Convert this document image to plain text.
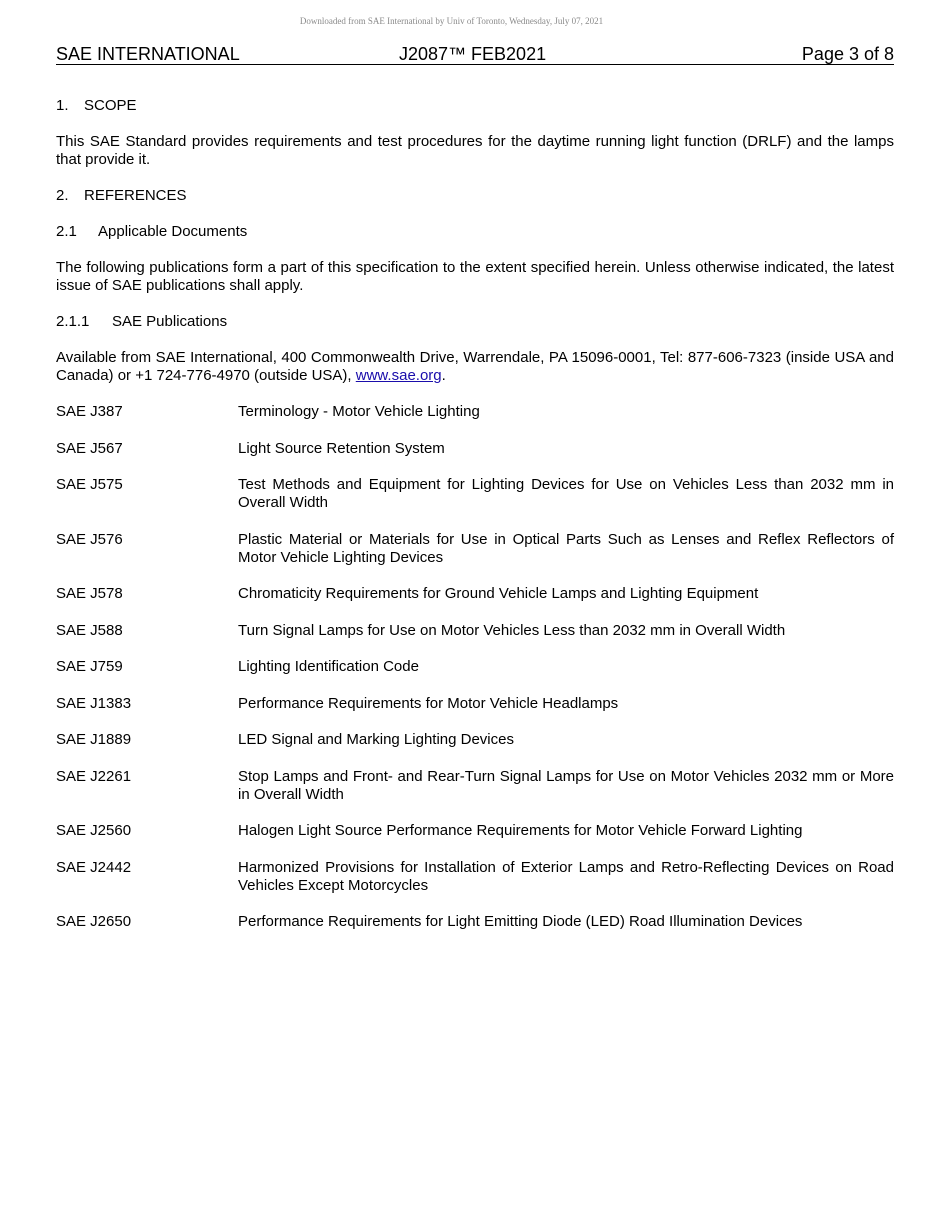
Downloaded from SAE International by Univ of Toronto, Wednesday, July 07, 2021
SAE INTERNATIONAL	J2087™ FEB2021	Page 3 of 8
1. SCOPE

This SAE Standard provides requirements and test procedures for the daytime running light function (DRLF) and the lamps that provide it.

2. REFERENCES
2.1 Applicable Documents

The following publications form a part of this specification to the extent specified herein. Unless otherwise indicated, the latest issue of SAE publications shall apply.

2.1.1 SAE Publications

Available from SAE International, 400 Commonwealth Drive, Warrendale, PA 15096-0001, Tel: 877-606-7323 (inside USA and Canada) or +1 724-776-4970 (outside USA), www.sae.org.

SAE J387	Terminology - Motor Vehicle Lighting
SAE J567	Light Source Retention System
SAE J575	Test Methods and Equipment for Lighting Devices for Use on Vehicles Less than 2032 mm in Overall Width
SAE J576	Plastic Material or Materials for Use in Optical Parts Such as Lenses and Reflex Reflectors of Motor Vehicle Lighting Devices
SAE J578	Chromaticity Requirements for Ground Vehicle Lamps and Lighting Equipment
SAE J588	Turn Signal Lamps for Use on Motor Vehicles Less than 2032 mm in Overall Width
SAE J759	Lighting Identification Code
SAE J1383	Performance Requirements for Motor Vehicle Headlamps
SAE J1889	LED Signal and Marking Lighting Devices
SAE J2261	Stop Lamps and Front- and Rear-Turn Signal Lamps for Use on Motor Vehicles 2032 mm or More in Overall Width
SAE J2560	Halogen Light Source Performance Requirements for Motor Vehicle Forward Lighting
SAE J2442	Harmonized Provisions for Installation of Exterior Lamps and Retro-Reflecting Devices on Road Vehicles Except Motorcycles
SAE J2650	Performance Requirements for Light Emitting Diode (LED) Road Illumination Devices
